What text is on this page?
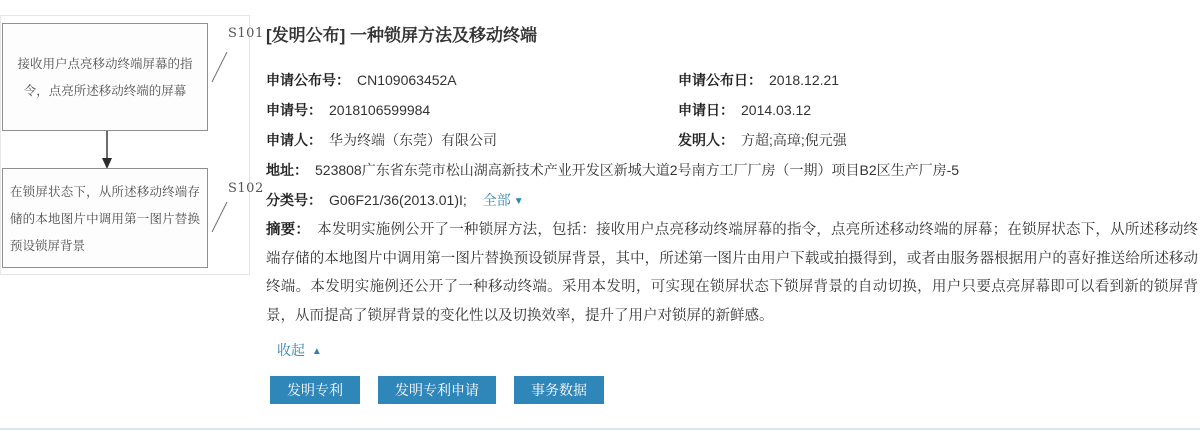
接收用户点亮移动终端屏幕的指令，点亮所述移动终端的屏幕
S101
在锁屏状态下，从所述移动终端存储的本地图片中调用第一图片替换预设锁屏背景
S102
[发明公布] 一种锁屏方法及移动终端
申请公布号： CN109063452A	申请公布日： 2018.12.21
申请号： 2018106599984	申请日： 2014.03.12
申请人： 华为终端（东莞）有限公司	发明人： 方超;高璋;倪元强
地址： 523808广东省东莞市松山湖高新技术产业开发区新城大道2号南方工厂厂房（一期）项目B2区生产厂房-5
分类号： G06F21/36(2013.01)I; 全部 ▼
摘要： 本发明实施例公开了一种锁屏方法，包括：接收用户点亮移动终端屏幕的指令，点亮所述移动终端的屏幕；在锁屏状态下，从所述移动终端存储的本地图片中调用第一图片替换预设锁屏背景，其中，所述第一图片由用户下载或拍摄得到，或者由服务器根据用户的喜好推送给所述移动终端。本发明实施例还公开了一种移动终端。采用本发明，可实现在锁屏状态下锁屏背景的自动切换，用户只要点亮屏幕即可以看到新的锁屏背景，从而提高了锁屏背景的变化性以及切换效率，提升了用户对锁屏的新鲜感。
收起 ▲
发明专利	发明专利申请	事务数据
